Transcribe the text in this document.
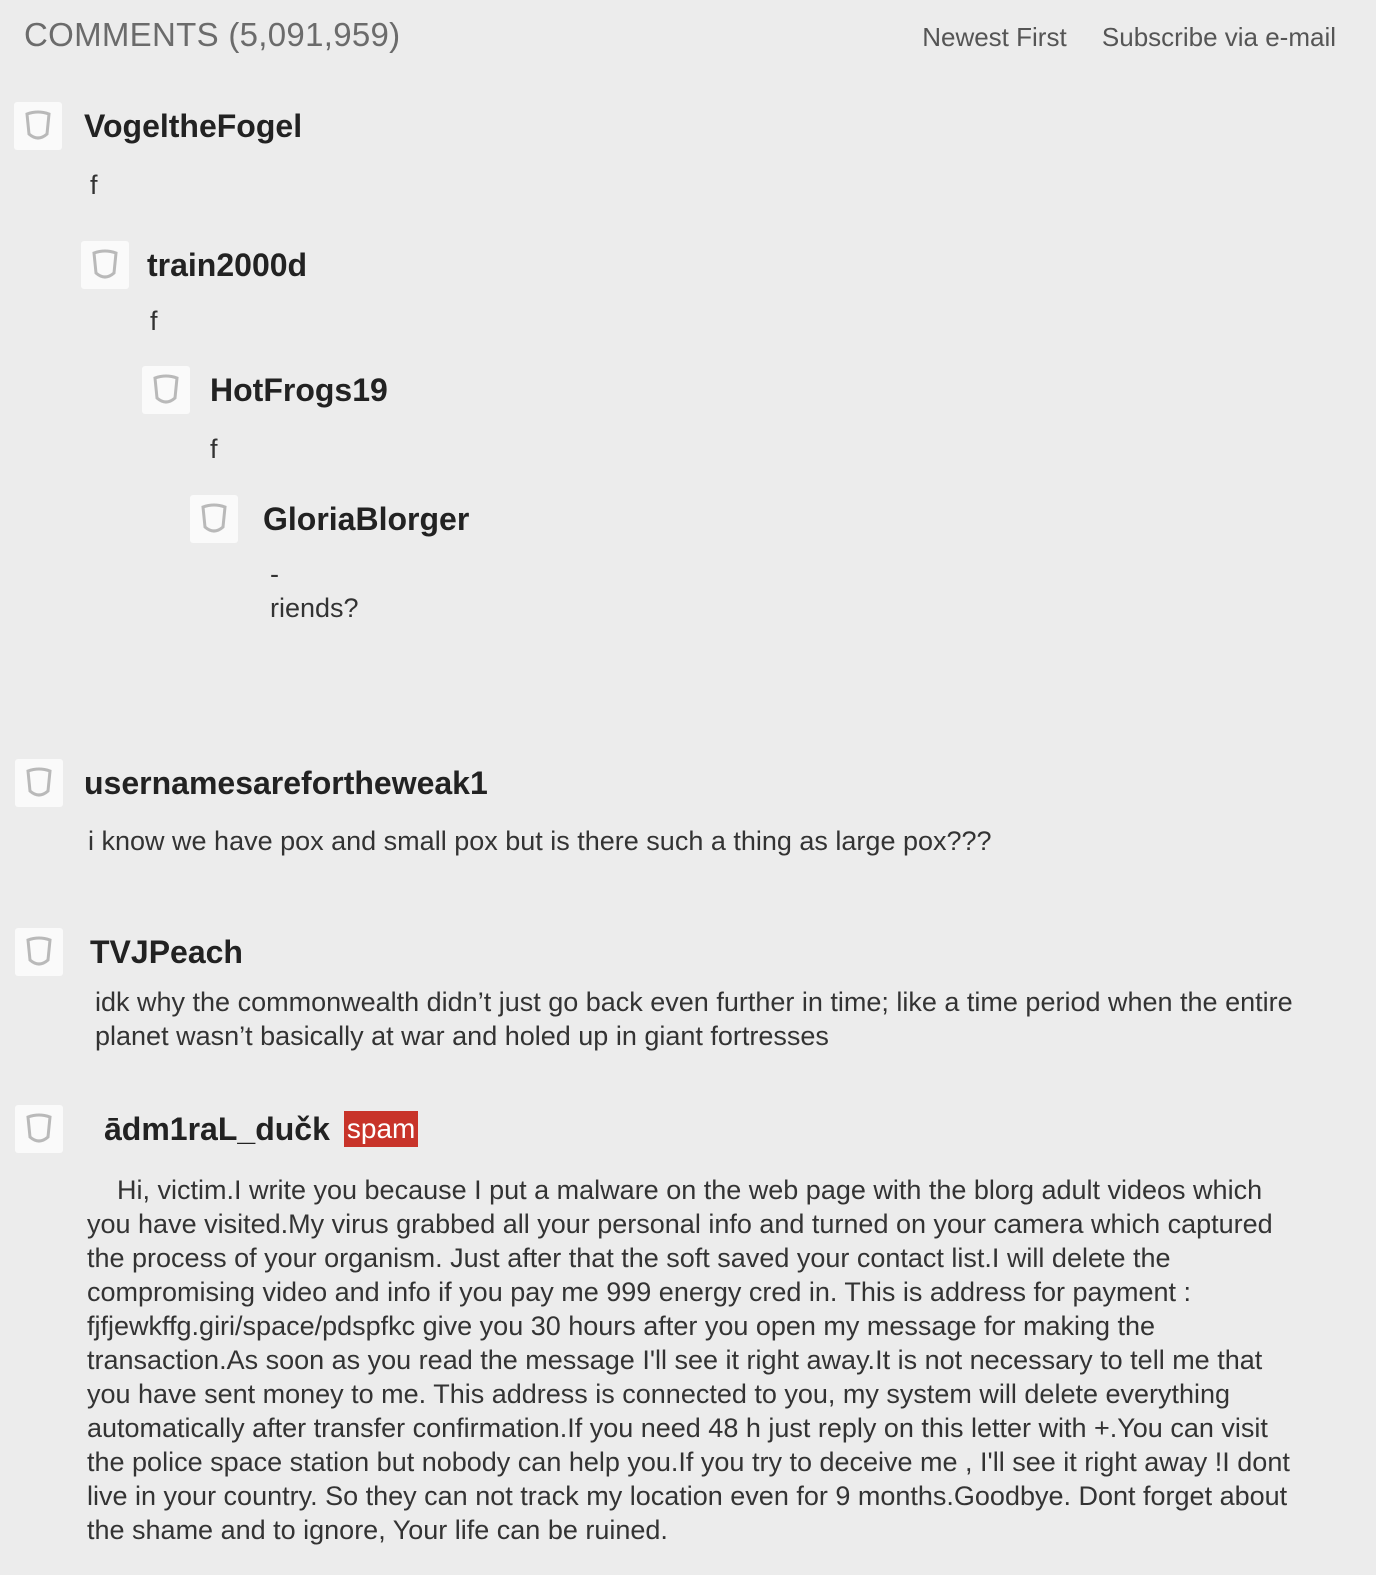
COMMENTS (5,091,959)	Newest First Subscribe via e-mail
VogeltheFogel
f
train2000d
f
HotFrogs19
f
GloriaBlorger
- riends?
usernamesarefortheweak1
i know we have pox and small pox but is there such a thing as large pox???
TVJPeach
idk why the commonwealth didn’t just go back even further in time; like a time period when the entire planet wasn’t basically at war and holed up in giant fortresses
ādm1raL_dučk spam
Hi, victim.I write you because I put a malware on the web page with the blorg adult videos which you have visited.My virus grabbed all your personal info and turned on your camera which captured the process of your organism. Just after that the soft saved your contact list.I will delete the compromising video and info if you pay me 999 energy cred in. This is address for payment : fjfjewkffg.giri/space/pdspfkc give you 30 hours after you open my message for making the transaction.As soon as you read the message I'll see it right away.It is not necessary to tell me that you have sent money to me. This address is connected to you, my system will delete everything automatically after transfer confirmation.If you need 48 h just reply on this letter with +.You can visit the police space station but nobody can help you.If you try to deceive me , I'll see it right away !I dont live in your country. So they can not track my location even for 9 months.Goodbye. Dont forget about the shame and to ignore, Your life can be ruined.
